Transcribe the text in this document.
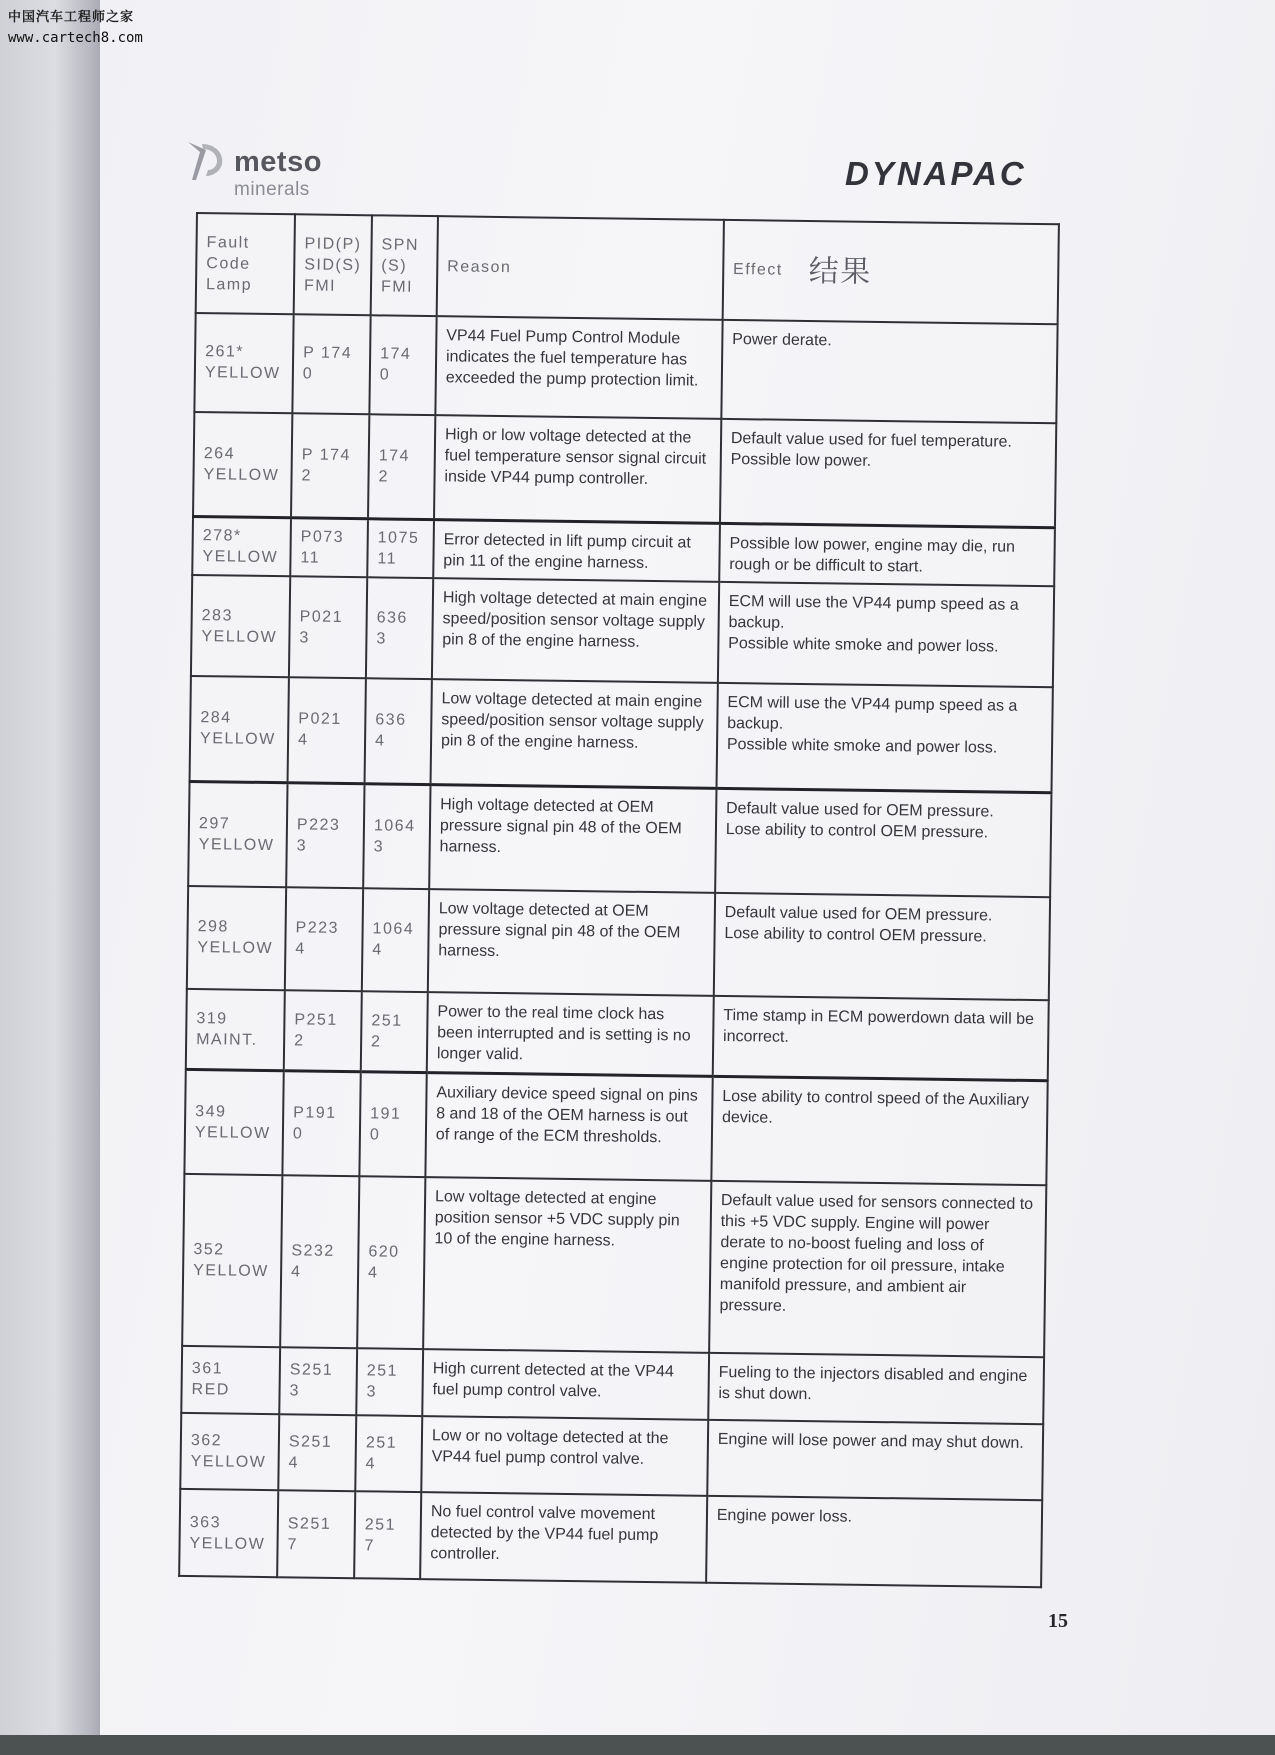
中国汽车工程师之家
www.cartech8.com
metso
minerals	DYNAPAC
Fault
Code
Lamp	PID(P)
SID(S)
FMI	SPN
(S)
FMI	Reason	Effect 结果

261*
YELLOW	P 174
0	174
0	VP44 Fuel Pump Control Module indicates the fuel temperature has exceeded the pump protection limit.	Power derate.

264
YELLOW	P 174
2	174
2	High or low voltage detected at the fuel temperature sensor signal circuit inside VP44 pump controller.	Default value used for fuel temperature.
Possible low power.

278*
YELLOW	P073
11	1075
11	Error detected in lift pump circuit at pin 11 of the engine harness.	Possible low power, engine may die, run rough or be difficult to start.

283
YELLOW	P021
3	636
3	High voltage detected at main engine speed/position sensor voltage supply pin 8 of the engine harness.	ECM will use the VP44 pump speed as a backup.
Possible white smoke and power loss.

284
YELLOW	P021
4	636
4	Low voltage detected at main engine speed/position sensor voltage supply pin 8 of the engine harness.	ECM will use the VP44 pump speed as a backup.
Possible white smoke and power loss.

297
YELLOW	P223
3	1064
3	High voltage detected at OEM pressure signal pin 48 of the OEM harness.	Default value used for OEM pressure.
Lose ability to control OEM pressure.

298
YELLOW	P223
4	1064
4	Low voltage detected at OEM pressure signal pin 48 of the OEM harness.	Default value used for OEM pressure.
Lose ability to control OEM pressure.

319
MAINT.	P251
2	251
2	Power to the real time clock has been interrupted and is setting is no longer valid.	Time stamp in ECM powerdown data will be incorrect.

349
YELLOW	P191
0	191
0	Auxiliary device speed signal on pins 8 and 18 of the OEM harness is out of range of the ECM thresholds.	Lose ability to control speed of the Auxiliary device.

352
YELLOW	S232
4	620
4	Low voltage detected at engine position sensor +5 VDC supply pin 10 of the engine harness.	Default value used for sensors connected to this +5 VDC supply. Engine will power derate to no-boost fueling and loss of engine protection for oil pressure, intake manifold pressure, and ambient air pressure.

361
RED	S251
3	251
3	High current detected at the VP44 fuel pump control valve.	Fueling to the injectors disabled and engine is shut down.

362
YELLOW	S251
4	251
4	Low or no voltage detected at the VP44 fuel pump control valve.	Engine will lose power and may shut down.

363
YELLOW	S251
7	251
7	No fuel control valve movement detected by the VP44 fuel pump controller.	Engine power loss.
15
